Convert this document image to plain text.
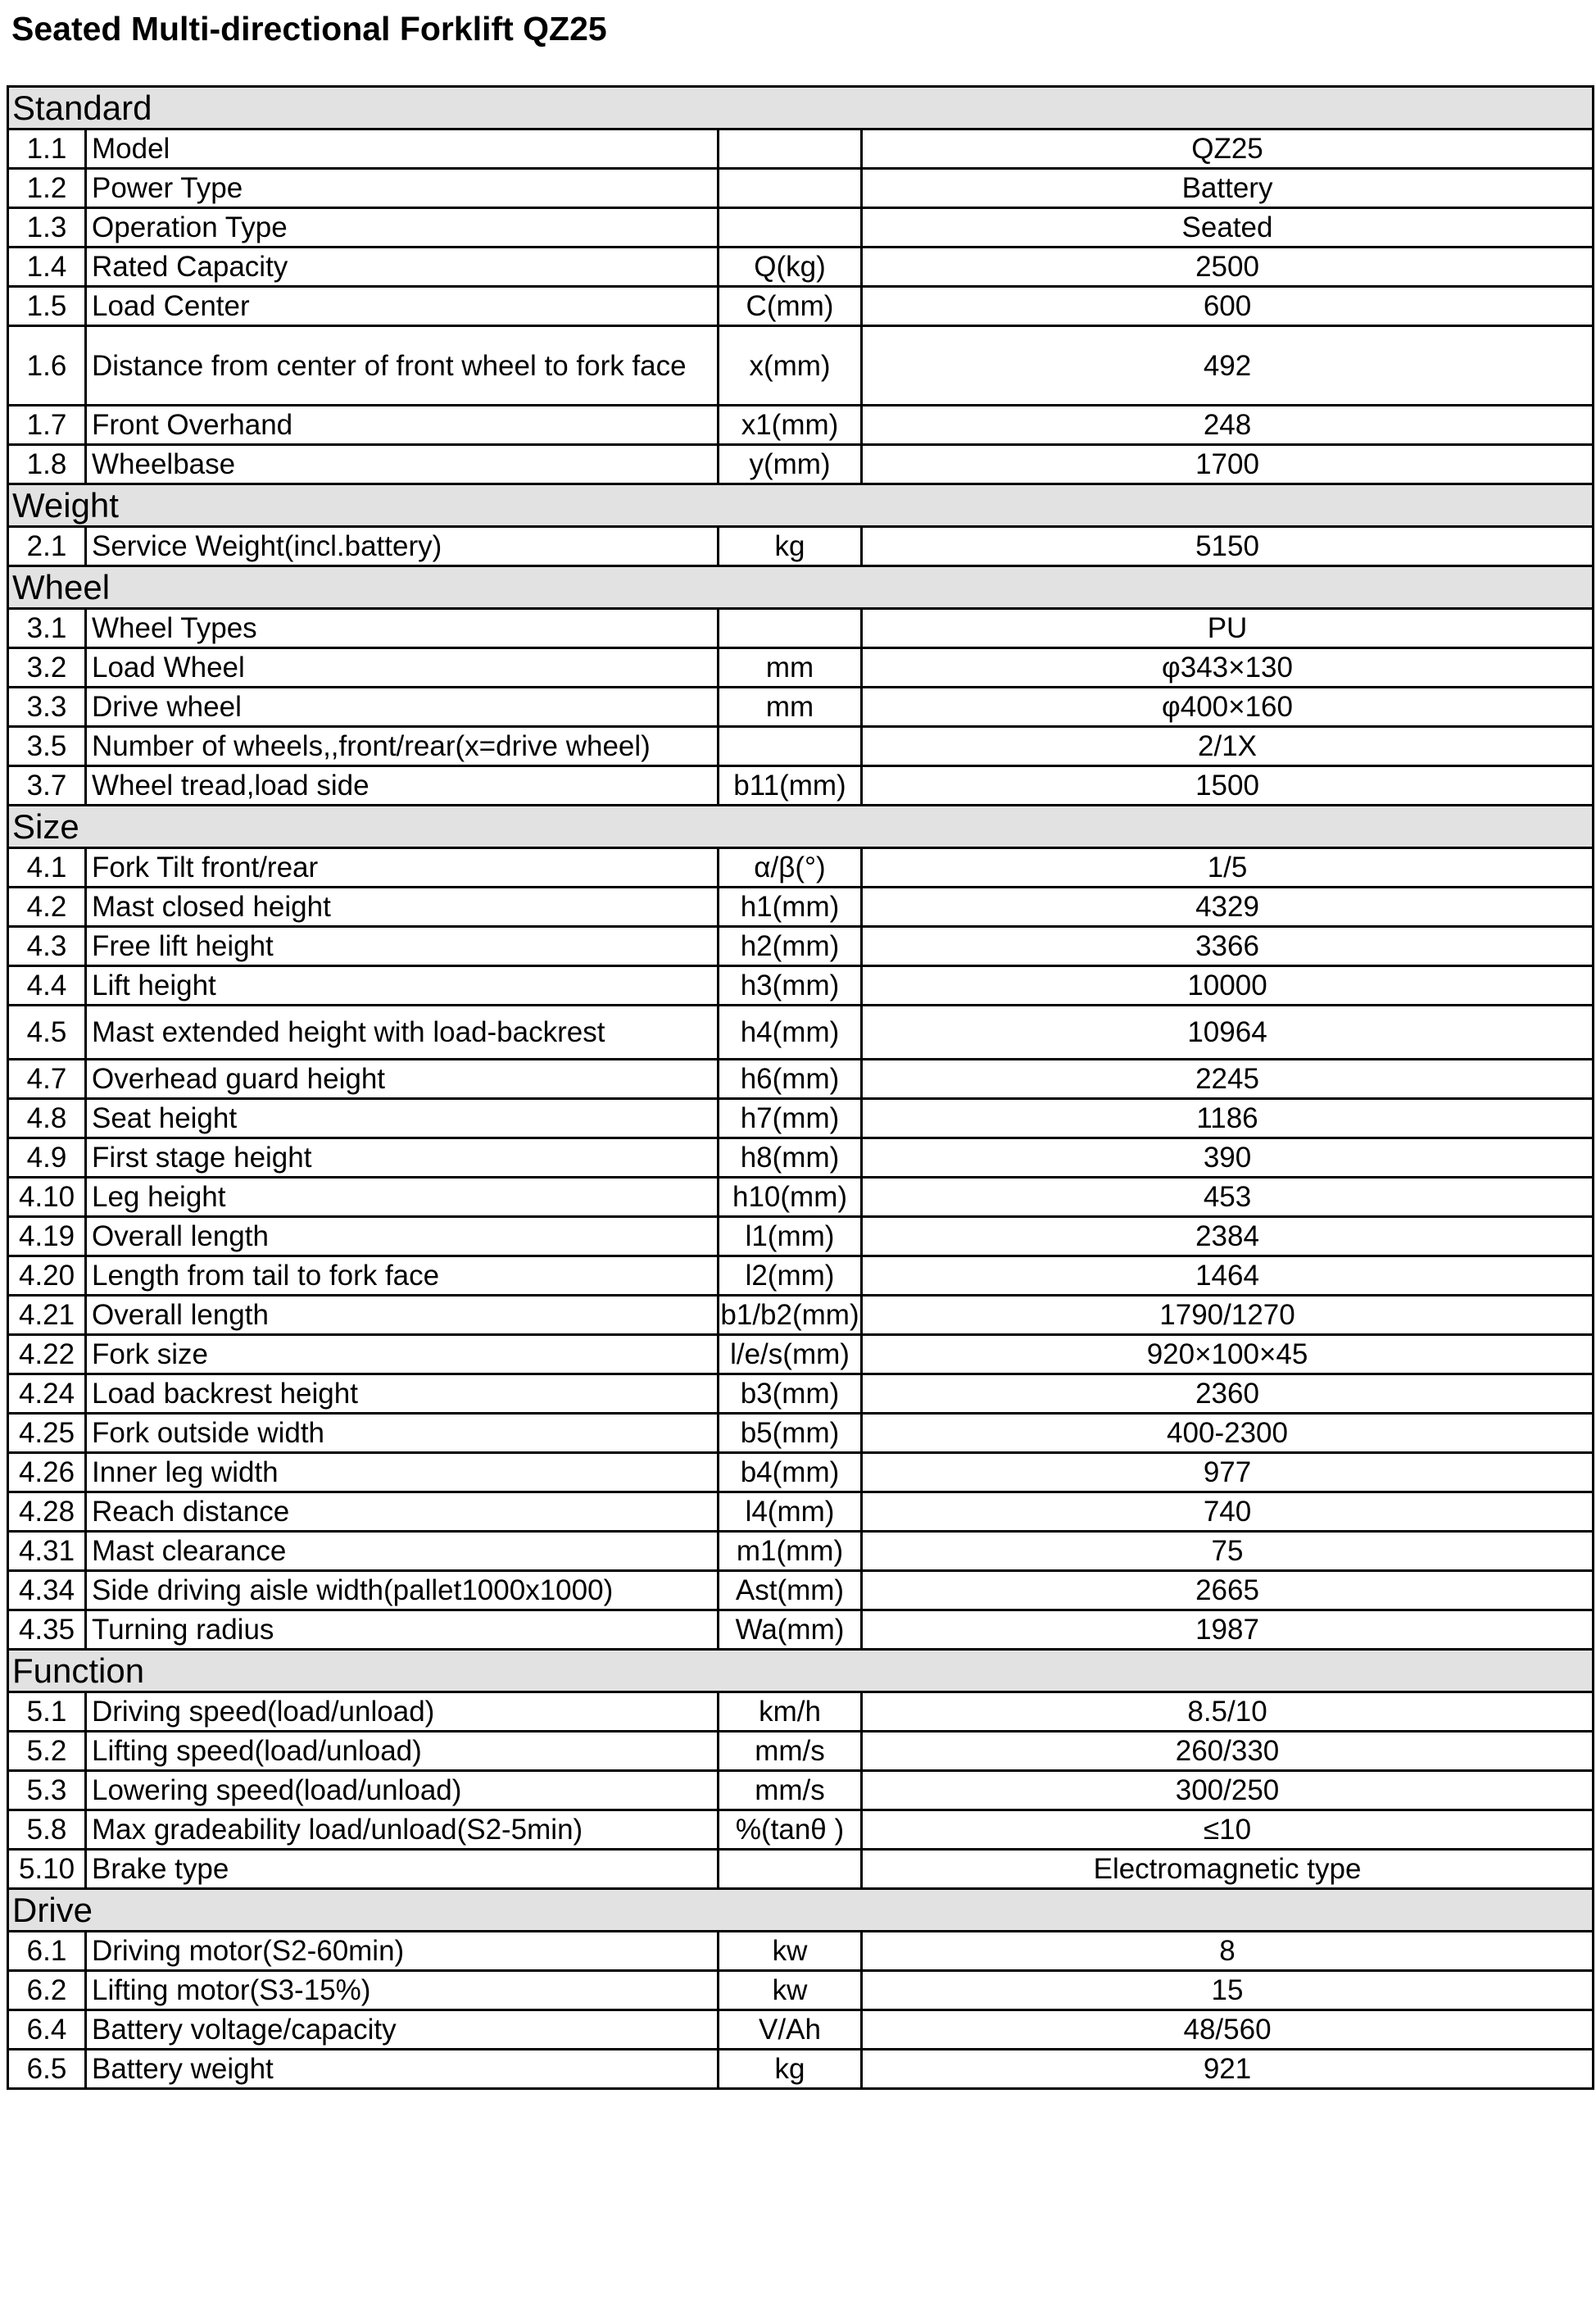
Seated Multi-directional Forklift QZ25
Standard			
1.1	Model		QZ25
1.2	Power Type		Battery
1.3	Operation Type		Seated
1.4	Rated Capacity	Q(kg)	2500
1.5	Load Center	C(mm)	600
1.6	Distance from center of front wheel to fork face	x(mm)	492
1.7	Front Overhand	x1(mm)	248
1.8	Wheelbase	y(mm)	1700
Weight			
2.1	Service Weight(incl.battery)	kg	5150
Wheel			
3.1	Wheel Types		PU
3.2	Load Wheel	mm	φ343×130
3.3	Drive wheel	mm	φ400×160
3.5	Number of wheels,,front/rear(x=drive wheel)		2/1X
3.7	Wheel tread,load side	b11(mm)	1500
Size			
4.1	Fork Tilt front/rear	α/β(°)	1/5
4.2	Mast closed height	h1(mm)	4329
4.3	Free lift height	h2(mm)	3366
4.4	Lift height	h3(mm)	10000
4.5	Mast extended height with load-backrest	h4(mm)	10964
4.7	Overhead guard height	h6(mm)	2245
4.8	Seat height	h7(mm)	1186
4.9	First stage height	h8(mm)	390
4.10	Leg height	h10(mm)	453
4.19	Overall length	l1(mm)	2384
4.20	Length from tail to fork face	l2(mm)	1464
4.21	Overall length	b1/b2(mm)	1790/1270
4.22	Fork size	l/e/s(mm)	920×100×45
4.24	Load backrest height	b3(mm)	2360
4.25	Fork outside width	b5(mm)	400-2300
4.26	Inner leg width	b4(mm)	977
4.28	Reach distance	l4(mm)	740
4.31	Mast clearance	m1(mm)	75
4.34	Side driving aisle width(pallet1000x1000)	Ast(mm)	2665
4.35	Turning radius	Wa(mm)	1987
Function			
5.1	Driving speed(load/unload)	km/h	8.5/10
5.2	Lifting speed(load/unload)	mm/s	260/330
5.3	Lowering speed(load/unload)	mm/s	300/250
5.8	Max gradeability load/unload(S2-5min)	%(tanθ )	≤10
5.10	Brake type		Electromagnetic type
Drive			
6.1	Driving motor(S2-60min)	kw	8
6.2	Lifting motor(S3-15%)	kw	15
6.4	Battery voltage/capacity	V/Ah	48/560
6.5	Battery weight	kg	921
